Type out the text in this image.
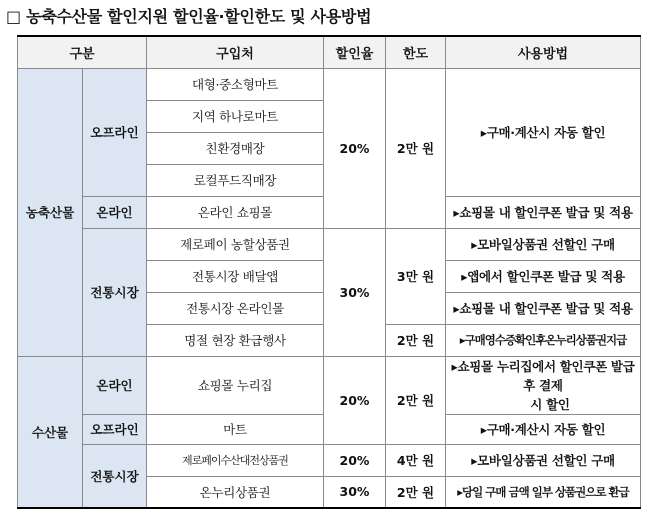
□ 농축수산물 할인지원 할인율·할인한도 및 사용방법
구분		구입처	할인율	한도	사용방법
농축산물	오프라인	대형·중소형마트	20%	2만 원	▸구매·계산시 자동 할인
		지역 하나로마트			
		친환경매장			
		로컬푸드직매장			
	온라인	온라인 쇼핑몰			▸쇼핑몰 내 할인쿠폰 발급 및 적용
	전통시장	제로페이 농할상품권	30%	3만 원	▸모바일상품권 선할인 구매
		전통시장 배달앱			▸앱에서 할인쿠폰 발급 및 적용
		전통시장 온라인몰			▸쇼핑몰 내 할인쿠폰 발급 및 적용
		명절 현장 환급행사		2만 원	▸구매영수증확인후온누리상품권지급
수산물	온라인	쇼핑몰 누리집	20%	2만 원	▸쇼핑몰 누리집에서 할인쿠폰 발급 후 결제
시 할인
	오프라인	마트			▸구매·계산시 자동 할인
	전통시장	제로페이수산대전상품권	20%	4만 원	▸모바일상품권 선할인 구매
		온누리상품권	30%	2만 원	▸당일 구매 금액 일부 상품권으로 환급
